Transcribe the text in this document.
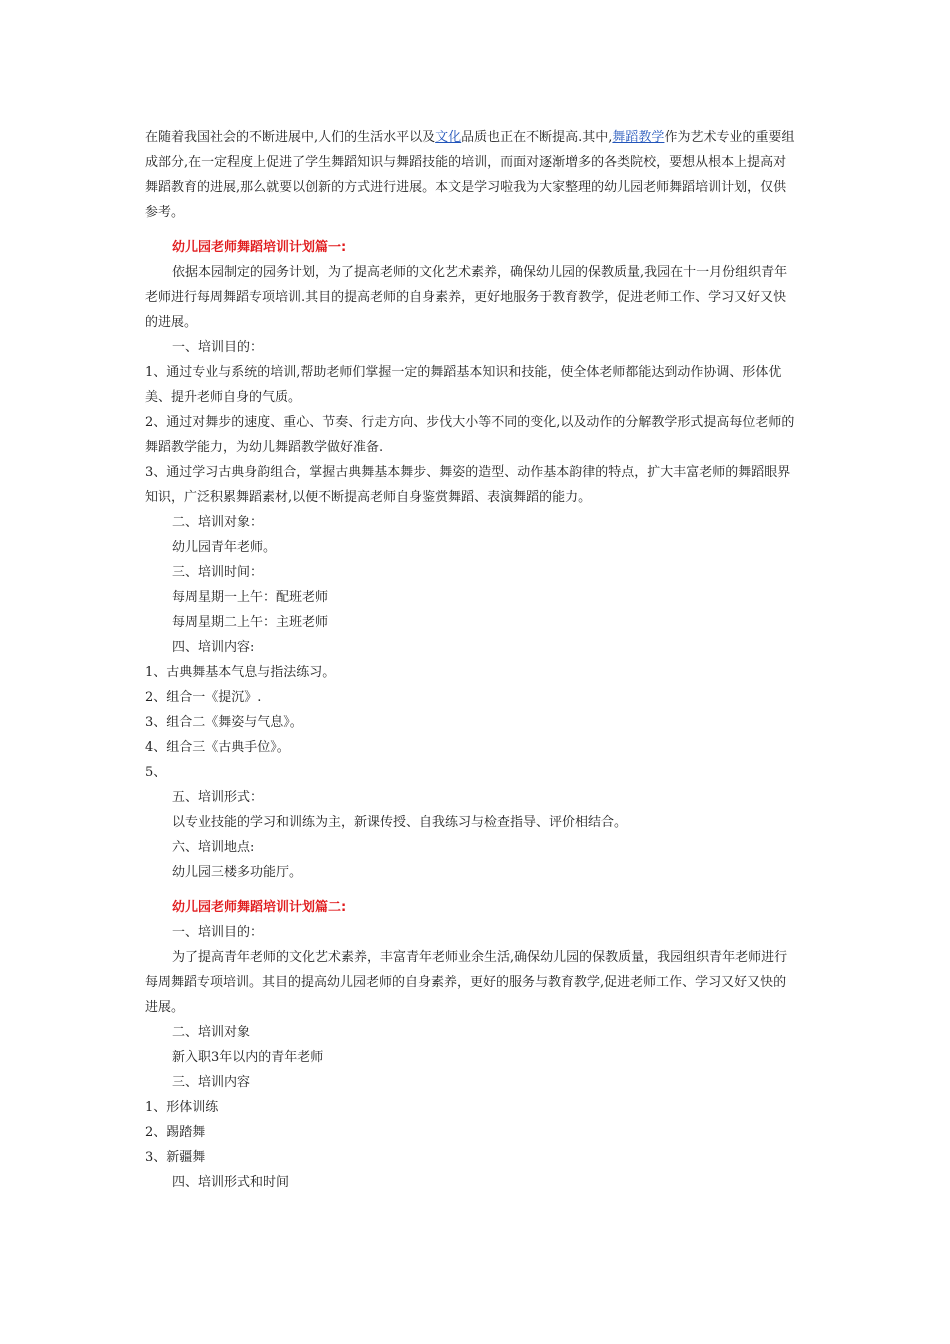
在随着我国社会的不断进展中,人们的生活水平以及文化品质也正在不断提高.其中,舞蹈教学作为艺术专业的重要组成部分,在一定程度上促进了学生舞蹈知识与舞蹈技能的培训，而面对逐渐增多的各类院校，要想从根本上提高对舞蹈教育的进展,那么就要以创新的方式进行进展。本文是学习啦我为大家整理的幼儿园老师舞蹈培训计划，仅供参考。

幼儿园老师舞蹈培训计划篇一:

依据本园制定的园务计划，为了提高老师的文化艺术素养，确保幼儿园的保教质量,我园在十一月份组织青年老师进行每周舞蹈专项培训.其目的提高老师的自身素养，更好地服务于教育教学，促进老师工作、学习又好又快的进展。

一、培训目的：

1、通过专业与系统的培训,帮助老师们掌握一定的舞蹈基本知识和技能，使全体老师都能达到动作协调、形体优美、提升老师自身的气质。

2、通过对舞步的速度、重心、节奏、行走方向、步伐大小等不同的变化,以及动作的分解教学形式提高每位老师的舞蹈教学能力，为幼儿舞蹈教学做好准备.

3、通过学习古典身韵组合，掌握古典舞基本舞步、舞姿的造型、动作基本韵律的特点，扩大丰富老师的舞蹈眼界知识，广泛积累舞蹈素材,以便不断提高老师自身鉴赏舞蹈、表演舞蹈的能力。

二、培训对象：

幼儿园青年老师。

三、培训时间：

每周星期一上午：配班老师

每周星期二上午：主班老师

四、培训内容:

1、古典舞基本气息与指法练习。

2、组合一《提沉》.

3、组合二《舞姿与气息》。

4、组合三《古典手位》。

5、

五、培训形式：

以专业技能的学习和训练为主，新课传授、自我练习与检查指导、评价相结合。

六、培训地点:

幼儿园三楼多功能厅。

幼儿园老师舞蹈培训计划篇二:

一、培训目的：

为了提高青年老师的文化艺术素养，丰富青年老师业余生活,确保幼儿园的保教质量，我园组织青年老师进行每周舞蹈专项培训。其目的提高幼儿园老师的自身素养，更好的服务与教育教学,促进老师工作、学习又好又快的进展。

二、培训对象

新入职3年以内的青年老师

三、培训内容

1、形体训练

2、踢踏舞

3、新疆舞

四、培训形式和时间
